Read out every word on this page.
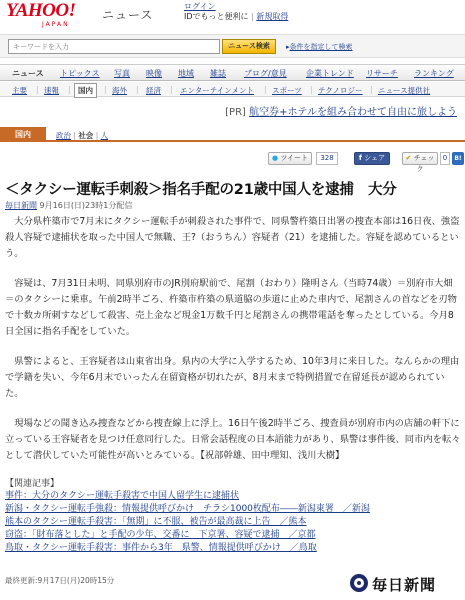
YAHOO!
JAPAN
ニュース
ログイン
IDでもっと便利に | 新規取得
キーワードを入力
ニュース検索	▸条件を指定して検索
ニュース トピックス 写真 映像 地域 雑誌 ブログ/意見 企業トレンド リサーチ ランキング
主要 | 速報 | 国内	| 海外 | 経済 | エンターテインメント | スポーツ | テクノロジー | ニュース提供社
[PR] 航空券+ホテルを組み合わせて自由に旅しよう
国内	政治 | 社会 | 人
● ツイート	328	f シェア	✔ チェック
0	B!
＜タクシー運転手刺殺＞指名手配の21歳中国人を逮捕　大分
毎日新聞 9月16日(日)23時1分配信

大分県杵築市で7月末にタクシー運転手が刺殺された事件で、同県警杵築日出署の捜査本部は16日夜、強盗殺人容疑で逮捕状を取った中国人で無職、王?（おうちん）容疑者（21）を逮捕した。容疑を認めているという。

容疑は、7月31日未明、同県別府市のJR別府駅前で、尾割（おわり）隆明さん（当時74歳）＝別府市大畑＝のタクシーに乗車。午前2時半ごろ、杵築市杵築の県道脇の歩道に止めた車内で、尾割さんの首などを刃物で十数カ所刺すなどして殺害、売上金など現金1万数千円と尾割さんの携帯電話を奪ったとしている。今月8日全国に指名手配をしていた。

県警によると、王容疑者は山東省出身。県内の大学に入学するため、10年3月に来日した。なんらかの理由で学籍を失い、今年6月末でいったん在留資格が切れたが、8月末まで特例措置で在留延長が認められていた。

現場などの聞き込み捜査などから捜査線上に浮上。16日午後2時半ごろ、捜査員が別府市内の店舗の軒下に立っている王容疑者を見つけ任意同行した。日常会話程度の日本語能力があり、県警は事件後、同市内を転々として潜伏していた可能性が高いとみている。【祝部幹雄、田中理知、浅川大樹】

【関連記事】
事件：大分のタクシー運転手殺害で中国人留学生に逮捕状
新潟・タクシー運転手強殺：情報提供呼びかけ　チラシ1000枚配布――新潟東署　／新潟
熊本のタクシー運転手殺害：「無期」に不服、被告が最高裁に上告　／熊本
窃盗：「財布落とした」と手配の少年、交番に　下京署、容疑で逮捕　／京都
鳥取・タクシー運転手殺害：事件から3年　県警、情報提供呼びかけ　／鳥取
最終更新:9月17日(月)20時15分	毎日新聞
